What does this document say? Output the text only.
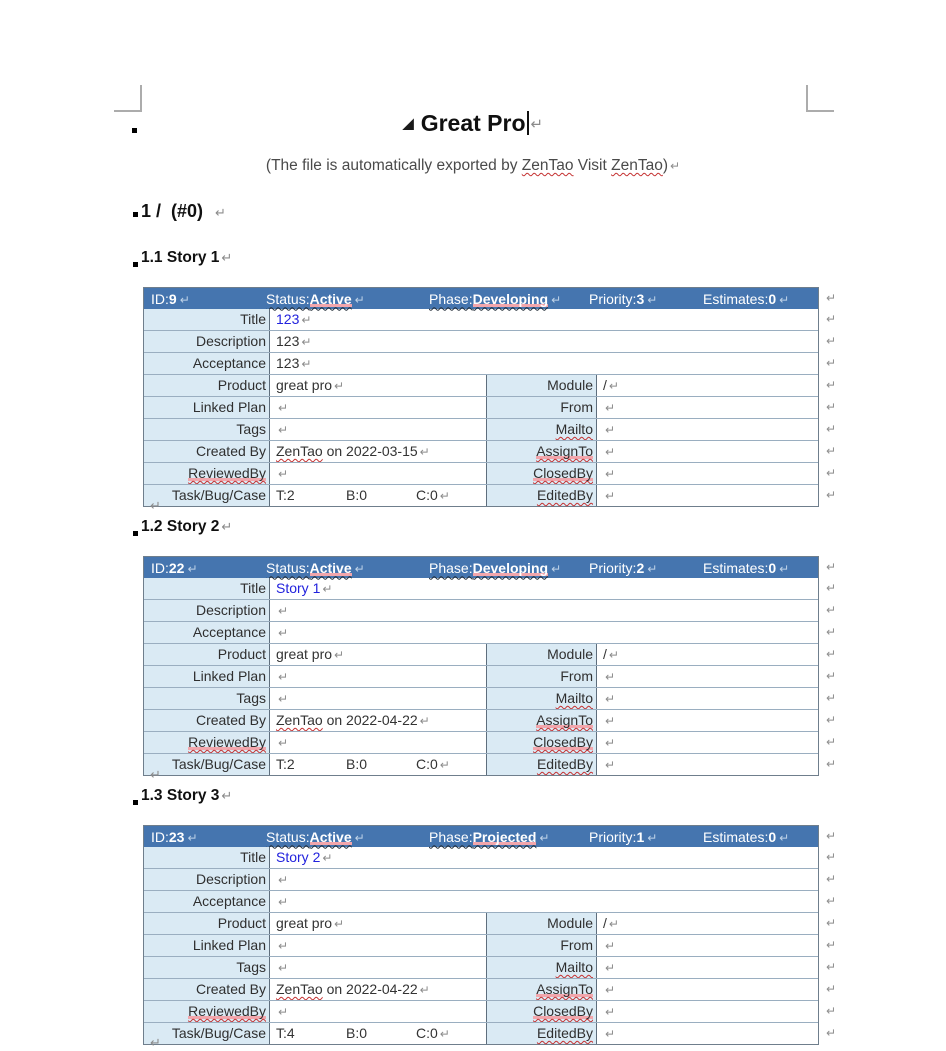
◢ Great Pro ↵
(The file is automatically exported by ZenTao Visit ZenTao) ↵
1 /  (#0)  ↵
1.1 Story 1 ↵
ID:9 ↵	Status:Active ↵	Phase:Developing ↵	Priority:3 ↵	Estimates:0 ↵	↵
Title 123 ↵	↵
Description 123 ↵	↵
Acceptance 123 ↵	↵
Product great pro ↵	Module / ↵	↵
Linked Plan	↵	From	↵	↵
Tags	↵	Mailto	↵	↵
Created By ZenTao on 2022-03-15 ↵	AssignTo	↵	↵
ReviewedBy	↵	ClosedBy	↵	↵
Task/Bug/Case T:2	B:0	C:0 ↵	EditedBy	↵	↵
↵
1.2 Story 2 ↵
ID:22 ↵	Status:Active ↵	Phase:Developing ↵	Priority:2 ↵	Estimates:0 ↵	↵
Title Story 1 ↵	↵
Description	↵	↵
Acceptance	↵	↵
Product great pro ↵	Module / ↵	↵
Linked Plan	↵	From	↵	↵
Tags	↵	Mailto	↵	↵
Created By ZenTao on 2022-04-22 ↵	AssignTo	↵	↵
ReviewedBy	↵	ClosedBy	↵	↵
Task/Bug/Case T:2	B:0	C:0 ↵	EditedBy	↵	↵
↵
1.3 Story 3 ↵
ID:23 ↵	Status:Active ↵	Phase:Projected ↵	Priority:1 ↵	Estimates:0 ↵	↵
Title Story 2 ↵	↵
Description	↵	↵
Acceptance	↵	↵
Product great pro ↵	Module / ↵	↵
Linked Plan	↵	From	↵	↵
Tags	↵	Mailto	↵	↵
Created By ZenTao on 2022-04-22 ↵	AssignTo	↵	↵
ReviewedBy	↵	ClosedBy	↵	↵
Task/Bug/Case T:4	B:0	C:0 ↵	EditedBy	↵	↵
↵
